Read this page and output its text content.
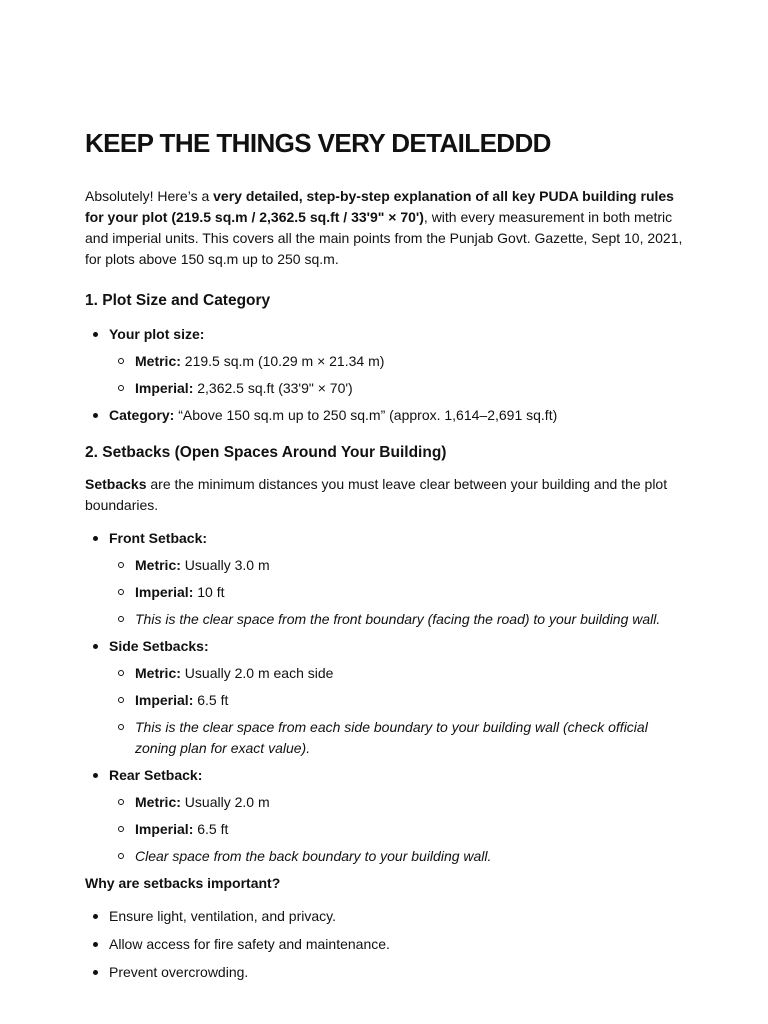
KEEP THE THINGS VERY DETAILEDDD

Absolutely! Here’s a very detailed, step-by-step explanation of all key PUDA building rules for your plot (219.5 sq.m / 2,362.5 sq.ft / 33'9" × 70'), with every measurement in both metric and imperial units. This covers all the main points from the Punjab Govt. Gazette, Sept 10, 2021, for plots above 150 sq.m up to 250 sq.m.

1. Plot Size and Category
Your plot size:
Metric: 219.5 sq.m (10.29 m × 21.34 m)
Imperial: 2,362.5 sq.ft (33'9" × 70')
Category: “Above 150 sq.m up to 250 sq.m” (approx. 1,614–2,691 sq.ft)
2. Setbacks (Open Spaces Around Your Building)

Setbacks are the minimum distances you must leave clear between your building and the plot boundaries.

Front Setback:
Metric: Usually 3.0 m
Imperial: 10 ft
This is the clear space from the front boundary (facing the road) to your building wall.
Side Setbacks:
Metric: Usually 2.0 m each side
Imperial: 6.5 ft
This is the clear space from each side boundary to your building wall (check official zoning plan for exact value).
Rear Setback:
Metric: Usually 2.0 m
Imperial: 6.5 ft
Clear space from the back boundary to your building wall.

Why are setbacks important?

Ensure light, ventilation, and privacy.
Allow access for fire safety and maintenance.
Prevent overcrowding.
